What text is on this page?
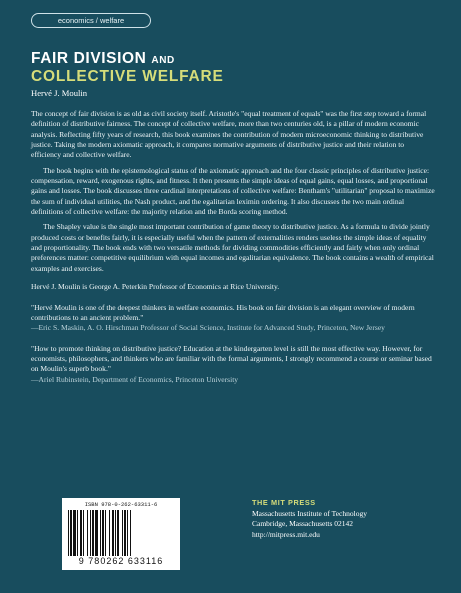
economics / welfare
FAIR DIVISION AND
COLLECTIVE WELFARE
Hervé J. Moulin

The concept of fair division is as old as civil society itself. Aristotle's "equal treatment of equals" was the first step toward a formal definition of distributive fairness. The concept of collective welfare, more than two centuries old, is a pillar of modern economic analysis. Reflecting fifty years of research, this book examines the contribution of modern microeconomic thinking to distributive justice. Taking the modern axiomatic approach, it compares normative arguments of distributive justice and their relation to efficiency and collective welfare.

The book begins with the epistemological status of the axiomatic approach and the four classic principles of distributive justice: compensation, reward, exogenous rights, and fitness. It then presents the simple ideas of equal gains, equal losses, and proportional gains and losses. The book discusses three cardinal interpretations of collective welfare: Bentham's "utilitarian" proposal to maximize the sum of individual utilities, the Nash product, and the egalitarian leximin ordering. It also discusses the two main ordinal definitions of collective welfare: the majority relation and the Borda scoring method.

The Shapley value is the single most important contribution of game theory to distributive justice. As a formula to divide jointly produced costs or benefits fairly, it is especially useful when the pattern of externalities renders useless the simple ideas of equality and proportionality. The book ends with two versatile methods for dividing commodities efficiently and fairly when only ordinal preferences matter: competitive equilibrium with equal incomes and egalitarian equivalence. The book contains a wealth of empirical examples and exercises.

Hervé J. Moulin is George A. Peterkin Professor of Economics at Rice University.

"Hervé Moulin is one of the deepest thinkers in welfare economics. His book on fair division is an elegant overview of modern contributions to an ancient problem."
—Eric S. Maskin, A. O. Hirschman Professor of Social Science, Institute for Advanced Study, Princeton, New Jersey

"How to promote thinking on distributive justice? Education at the kindergarten level is still the most effective way. However, for economists, philosophers, and thinkers who are familiar with the formal arguments, I strongly recommend a course or seminar based on Moulin's superb book."
—Ariel Rubinstein, Department of Economics, Princeton University

ISBN 978-0-262-63311-6
9 780262 633116
THE MIT PRESS
Massachusetts Institute of Technology
Cambridge, Massachusetts 02142
http://mitpress.mit.edu
